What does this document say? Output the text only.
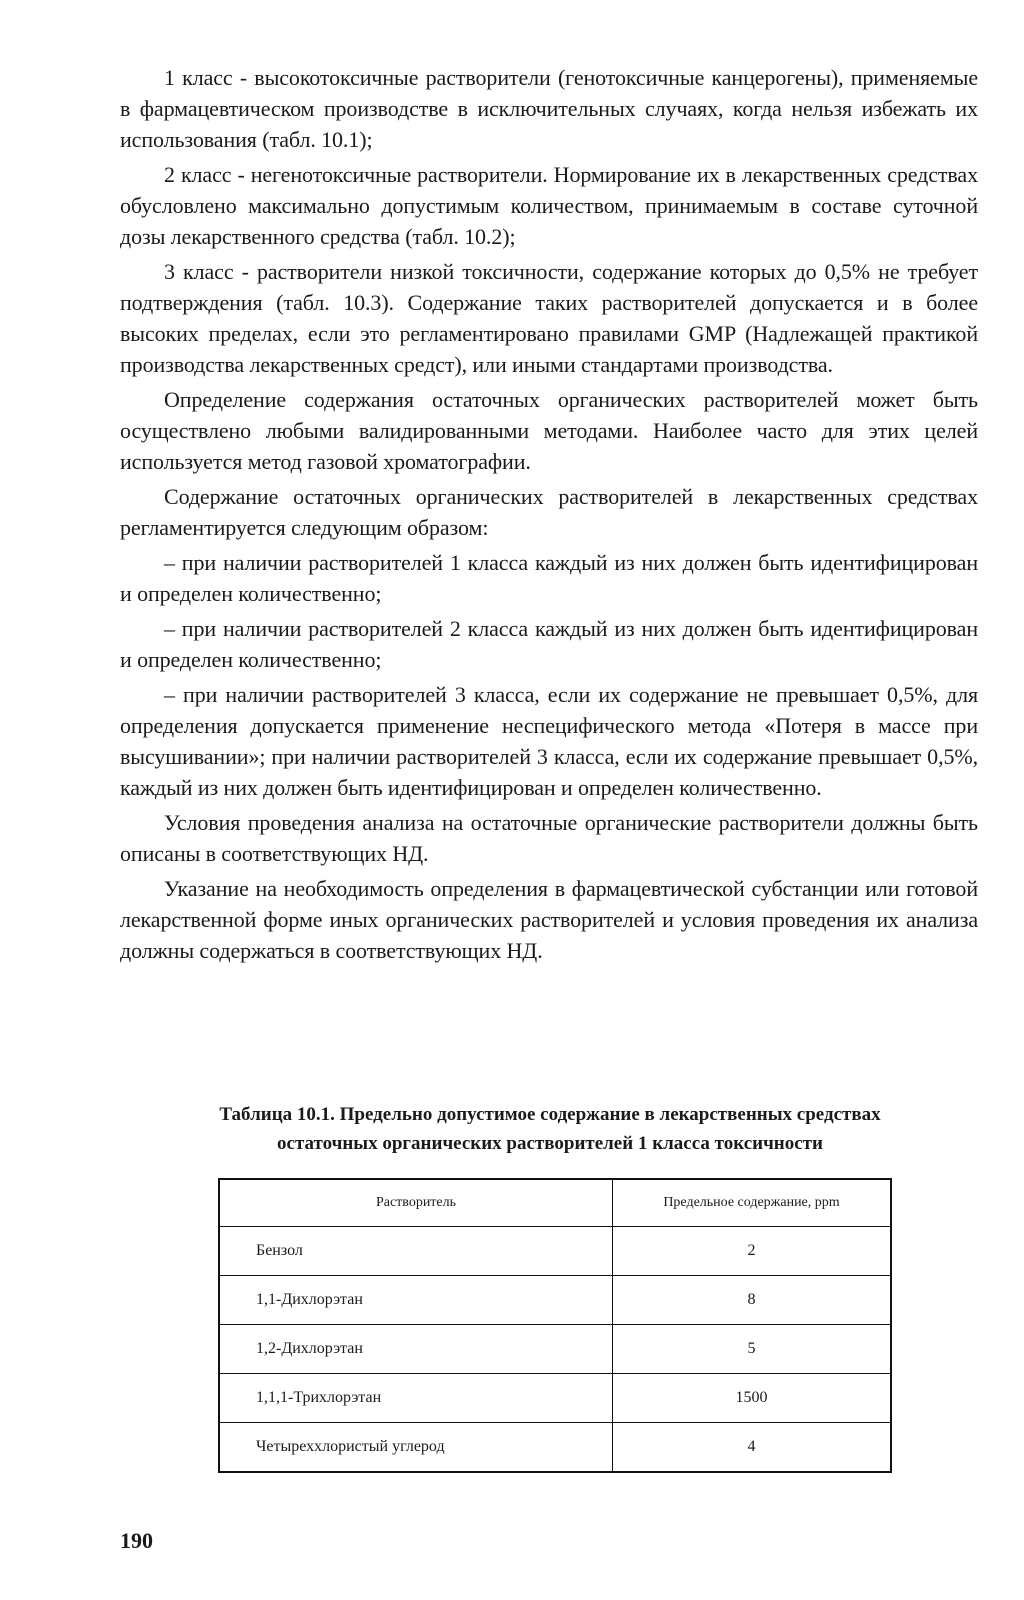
1 класс - высокотоксичные растворители (генотоксичные канцерогены), применяемые в фармацевтическом производстве в исключительных случаях, когда нельзя избежать их использования (табл. 10.1);

2 класс - негенотоксичные растворители. Нормирование их в лекарственных средствах обусловлено максимально допустимым количеством, принимаемым в составе суточной дозы лекарственного средства (табл. 10.2);

3 класс - растворители низкой токсичности, содержание которых до 0,5% не требует подтверждения (табл. 10.3). Содержание таких растворителей допускается и в более высоких пределах, если это регламентировано правилами GMP (Надлежащей практикой производства лекарственных средст), или иными стандартами производства.

Определение содержания остаточных органических растворителей может быть осуществлено любыми валидированными методами. Наиболее часто для этих целей используется метод газовой хроматографии.

Содержание остаточных органических растворителей в лекарственных средствах регламентируется следующим образом:

– при наличии растворителей 1 класса каждый из них должен быть идентифицирован и определен количественно;

– при наличии растворителей 2 класса каждый из них должен быть идентифицирован и определен количественно;

– при наличии растворителей 3 класса, если их содержание не превышает 0,5%, для определения допускается применение неспецифического метода «Потеря в массе при высушивании»; при наличии растворителей 3 класса, если их содержание превышает 0,5%, каждый из них должен быть идентифицирован и определен количественно.

Условия проведения анализа на остаточные органические растворители должны быть описаны в соответствующих НД.

Указание на необходимость определения в фармацевтической субстанции или готовой лекарственной форме иных органических растворителей и условия проведения их анализа должны содержаться в соответствующих НД.

Таблица 10.1. Предельно допустимое содержание в лекарственных средствах
остаточных органических растворителей 1 класса токсичности
Растворитель	Предельное содержание, ppm
Бензол	2
1,1-Дихлорэтан	8
1,2-Дихлорэтан	5
1,1,1-Трихлорэтан	1500
Четыреххлористый углерод	4
190
